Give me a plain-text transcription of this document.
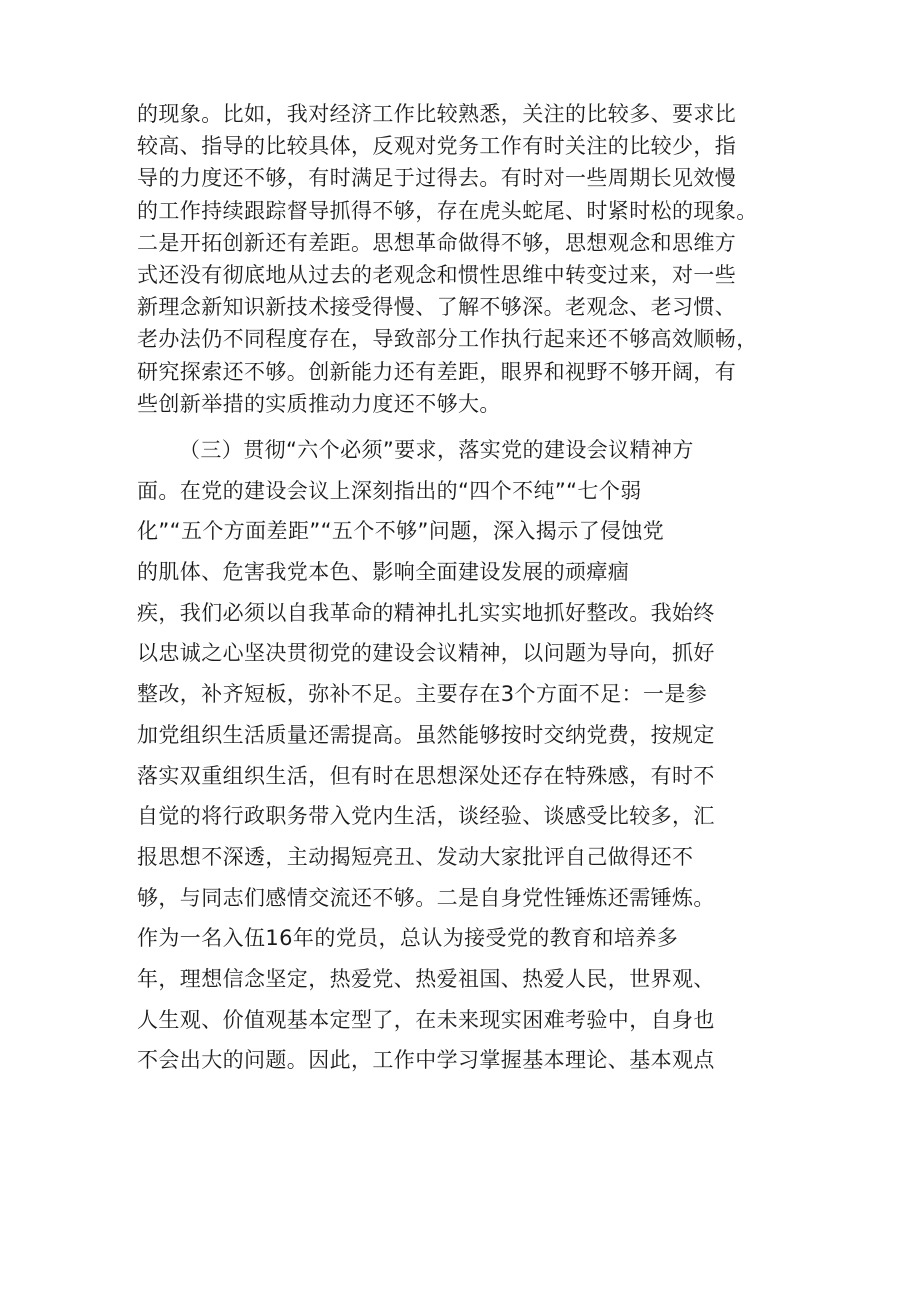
的现象。比如，我对经济工作比较熟悉，关注的比较多、要求比
较高、指导的比较具体，反观对党务工作有时关注的比较少，指
导的力度还不够，有时满足于过得去。有时对一些周期长见效慢
的工作持续跟踪督导抓得不够，存在虎头蛇尾、时紧时松的现象。
二是开拓创新还有差距。思想革命做得不够，思想观念和思维方
式还没有彻底地从过去的老观念和惯性思维中转变过来，对一些
新理念新知识新技术接受得慢、了解不够深。老观念、老习惯、
老办法仍不同程度存在，导致部分工作执行起来还不够高效顺畅，
研究探索还不够。创新能力还有差距，眼界和视野不够开阔，有
些创新举措的实质推动力度还不够大。
（三）贯彻“六个必须”要求，落实党的建设会议精神方
面。在党的建设会议上深刻指出的“四个不纯”“七个弱
化”“五个方面差距”“五个不够”问题，深入揭示了侵蚀党
的肌体、危害我党本色、影响全面建设发展的顽瘴痼
疾，我们必须以自我革命的精神扎扎实实地抓好整改。我始终
以忠诚之心坚决贯彻党的建设会议精神，以问题为导向，抓好
整改，补齐短板，弥补不足。主要存在3个方面不足：一是参
加党组织生活质量还需提高。虽然能够按时交纳党费，按规定
落实双重组织生活，但有时在思想深处还存在特殊感，有时不
自觉的将行政职务带入党内生活，谈经验、谈感受比较多，汇
报思想不深透，主动揭短亮丑、发动大家批评自己做得还不
够，与同志们感情交流还不够。二是自身党性锤炼还需锤炼。
作为一名入伍16年的党员，总认为接受党的教育和培养多
年，理想信念坚定，热爱党、热爱祖国、热爱人民，世界观、
人生观、价值观基本定型了，在未来现实困难考验中，自身也
不会出大的问题。因此，工作中学习掌握基本理论、基本观点
